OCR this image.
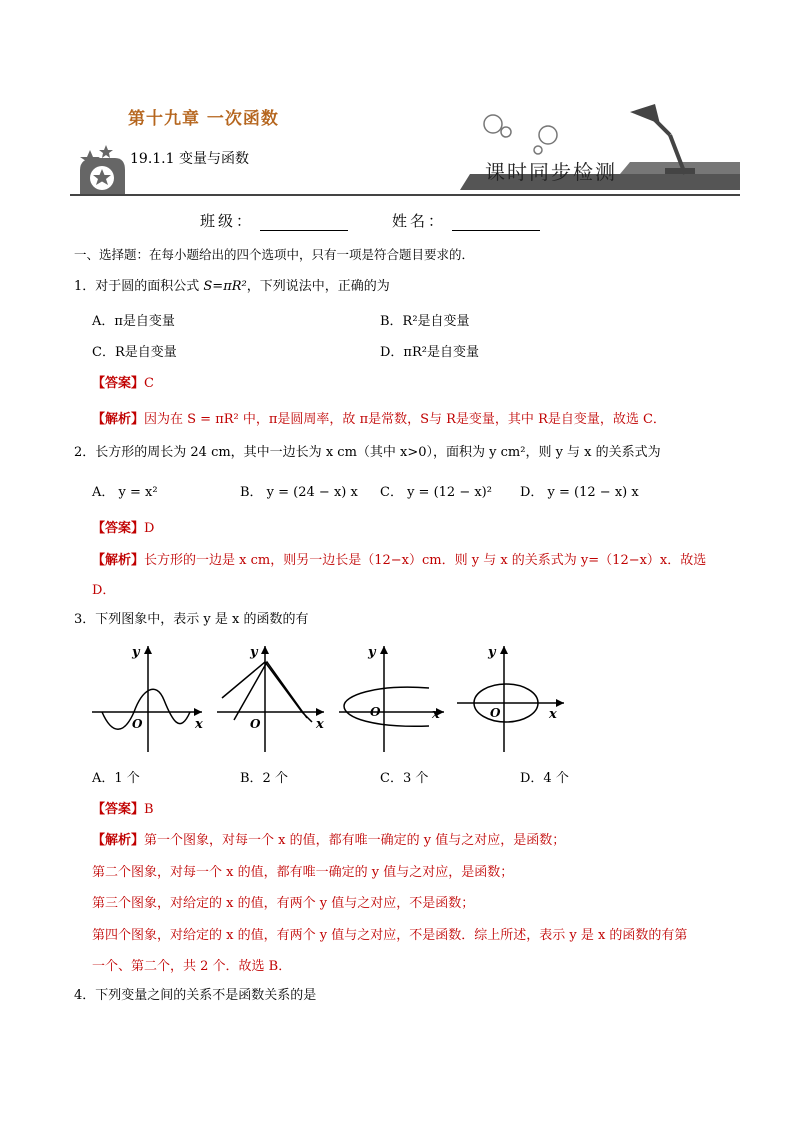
第十九章 一次函数
19.1.1 变量与函数
课时同步检测
班级：	姓名：
一、选择题：在每小题给出的四个选项中，只有一项是符合题目要求的．
1．对于圆的面积公式 S=πR²，下列说法中，正确的为
A．π是自变量	B．R²是自变量
C．R是自变量	D．πR²是自变量
【答案】C
【解析】因为在 S = πR² 中，π是圆周率，故 π是常数，S与 R是变量，其中 R是自变量，故选 C．
2．长方形的周长为 24 cm，其中一边长为 x cm（其中 x>0），面积为 y cm²，则 y 与 x 的关系式为
A． y = x²	B． y = (24 − x) x C． y = (12 − x)² D． y = (12 − x) x
【答案】D
【解析】长方形的一边是 x cm，则另一边长是（12−x）cm．则 y 与 x 的关系式为 y=（12−x）x．故选
D．
3．下列图象中，表示 y 是 x 的函数的有
y
x
O
y
x
O
y
x
O
y
x
O
A．1 个	B．2 个	C．3 个	D．4 个
【答案】B
【解析】第一个图象，对每一个 x 的值，都有唯一确定的 y 值与之对应，是函数；
第二个图象，对每一个 x 的值，都有唯一确定的 y 值与之对应，是函数；
第三个图象，对给定的 x 的值，有两个 y 值与之对应，不是函数；
第四个图象，对给定的 x 的值，有两个 y 值与之对应，不是函数．综上所述，表示 y 是 x 的函数的有第
一个、第二个，共 2 个．故选 B．
4．下列变量之间的关系不是函数关系的是
